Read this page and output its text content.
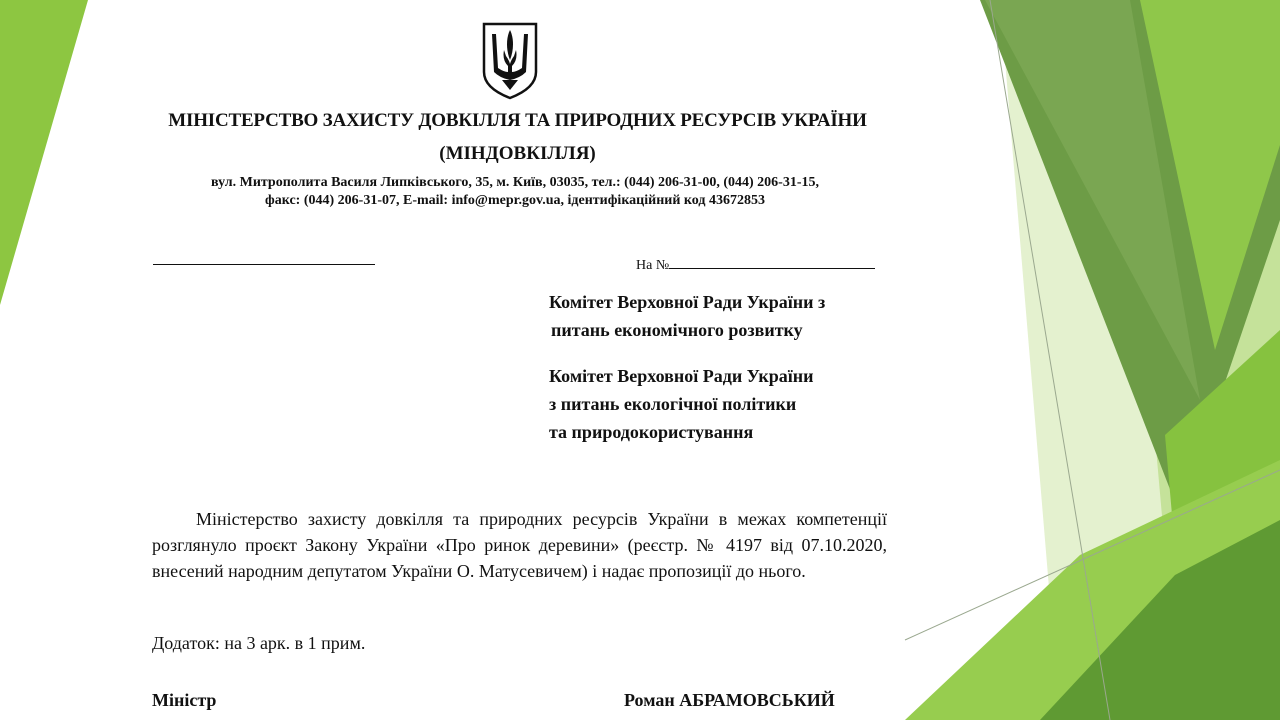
МІНІСТЕРСТВО ЗАХИСТУ ДОВКІЛЛЯ ТА ПРИРОДНИХ РЕСУРСІВ УКРАЇНИ
(МІНДОВКІЛЛЯ)
вул. Митрополита Василя Липківського, 35, м. Київ, 03035, тел.: (044) 206-31-00, (044) 206-31-15,
факс: (044) 206-31-07, E-mail: info@mepr.gov.ua, ідентифікаційний код 43672853
На №
Комітет Верховної Ради України з
питань економічного розвитку
Комітет Верховної Ради України
з питань екологічної політики
та природокористування
Міністерство захисту довкілля та природних ресурсів України в межах компетенції розглянуло проєкт Закону України «Про ринок деревини» (реєстр. № 4197 від 07.10.2020, внесений народним депутатом України О. Матусевичем) і надає пропозиції до нього.
Додаток: на 3 арк. в 1 прим.
Міністр	Роман АБРАМОВСЬКИЙ
